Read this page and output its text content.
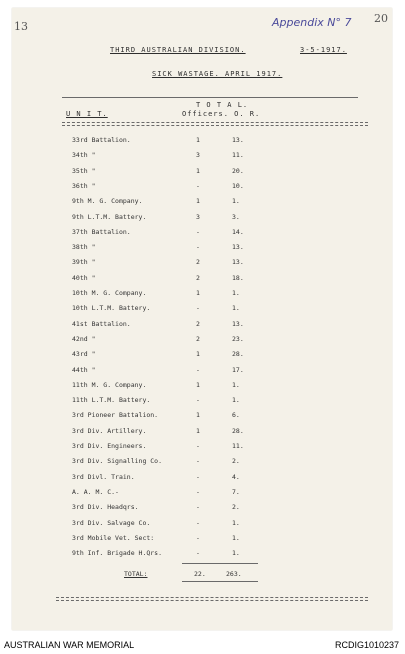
13
20
Appendix N° 7
THIRD AUSTRALIAN DIVISION.	3-5-1917.
SICK WASTAGE. APRIL 1917.
T O T A L.
U N I T.	Officers. O. R.
33rd Battalion.	1	13.
34th "	3	11.
35th "	1	20.
36th "	-	10.
9th M. G. Company.	1	1.
9th L.T.M. Battery.	3	3.
37th Battalion.	-	14.
38th "	-	13.
39th "	2	13.
40th "	2	18.
10th M. G. Company.	1	1.
10th L.T.M. Battery.	-	1.
41st Battalion.	2	13.
42nd "	2	23.
43rd "	1	28.
44th "	-	17.
11th M. G. Company.	1	1.
11th L.T.M. Battery.	-	1.
3rd Pioneer Battalion.	1	6.
3rd Div. Artillery.	1	28.
3rd Div. Engineers.	-	11.
3rd Div. Signalling Co.	-	2.
3rd Divl. Train.	-	4.
A. A. M. C.-	-	7.
3rd Div. Headqrs.	-	2.
3rd Div. Salvage Co.	-	1.
3rd Mobile Vet. Sect:	-	1.
9th Inf. Brigade H.Qrs.	-	1.
TOTAL:	22.	263.
AUSTRALIAN WAR MEMORIAL	RCDIG1010237
